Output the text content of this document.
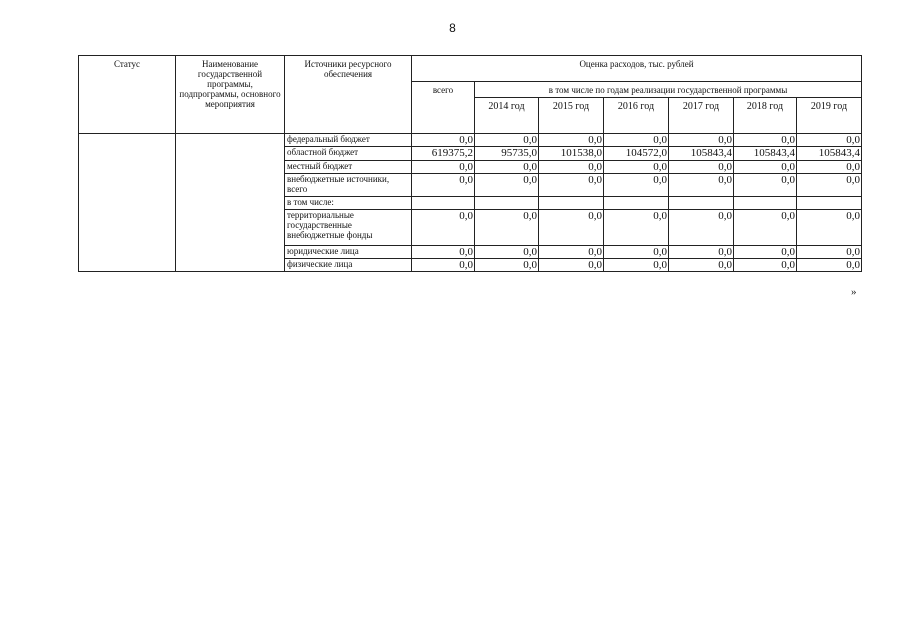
8
Статус	Наименование государственной программы, подпрограммы, основного мероприятия	Источники ресурсного обеспечения	Оценка расходов, тыс. рублей						
			всего	в том числе по годам реализации государственной программы					
				2014 год	2015 год	2016 год	2017 год	2018 год	2019 год
		федеральный бюджет	0,0	0,0	0,0	0,0	0,0	0,0	0,0
		областной бюджет	619375,2	95735,0	101538,0	104572,0	105843,4	105843,4	105843,4
		местный бюджет	0,0	0,0	0,0	0,0	0,0	0,0	0,0
		внебюджетные источники, всего	0,0	0,0	0,0	0,0	0,0	0,0	0,0
		в том числе:							
		территориальные государственные внебюджетные фонды	0,0	0,0	0,0	0,0	0,0	0,0	0,0
		юридические лица	0,0	0,0	0,0	0,0	0,0	0,0	0,0
		физические лица	0,0	0,0	0,0	0,0	0,0	0,0	0,0
»
